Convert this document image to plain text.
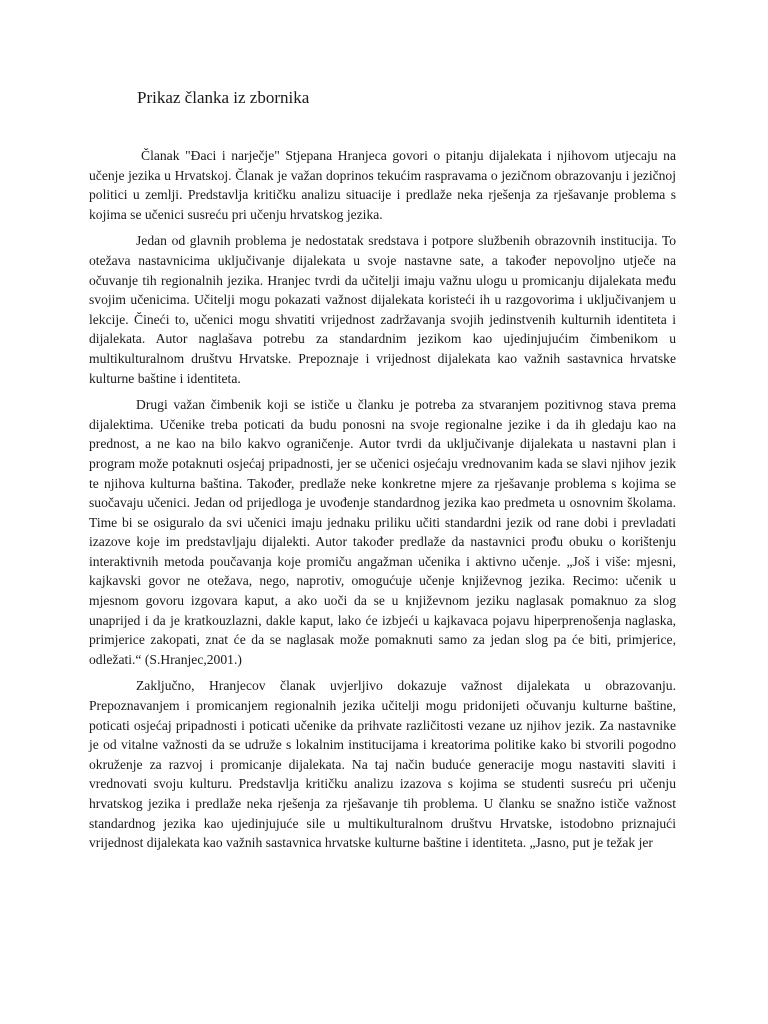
Prikaz članka iz zbornika

Članak "Đaci i narječje" Stjepana Hranjeca govori o pitanju dijalekata i njihovom utjecaju na učenje jezika u Hrvatskoj. Članak je važan doprinos tekućim raspravama o jezičnom obrazovanju i jezičnoj politici u zemlji. Predstavlja kritičku analizu situacije i predlaže neka rješenja za rješavanje problema s kojima se učenici susreću pri učenju hrvatskog jezika.

Jedan od glavnih problema je nedostatak sredstava i potpore službenih obrazovnih institucija. To otežava nastavnicima uključivanje dijalekata u svoje nastavne sate, a također nepovoljno utječe na očuvanje tih regionalnih jezika. Hranjec tvrdi da učitelji imaju važnu ulogu u promicanju dijalekata među svojim učenicima. Učitelji mogu pokazati važnost dijalekata koristeći ih u razgovorima i uključivanjem u lekcije. Čineći to, učenici mogu shvatiti vrijednost zadržavanja svojih jedinstvenih kulturnih identiteta i dijalekata. Autor naglašava potrebu za standardnim jezikom kao ujedinjujućim čimbenikom u multikulturalnom društvu Hrvatske. Prepoznaje i vrijednost dijalekata kao važnih sastavnica hrvatske kulturne baštine i identiteta.

Drugi važan čimbenik koji se ističe u članku je potreba za stvaranjem pozitivnog stava prema dijalektima. Učenike treba poticati da budu ponosni na svoje regionalne jezike i da ih gledaju kao na prednost, a ne kao na bilo kakvo ograničenje. Autor tvrdi da uključivanje dijalekata u nastavni plan i program može potaknuti osjećaj pripadnosti, jer se učenici osjećaju vrednovanim kada se slavi njihov jezik te njihova kulturna baština. Također, predlaže neke konkretne mjere za rješavanje problema s kojima se suočavaju učenici. Jedan od prijedloga je uvođenje standardnog jezika kao predmeta u osnovnim školama. Time bi se osiguralo da svi učenici imaju jednaku priliku učiti standardni jezik od rane dobi i prevladati izazove koje im predstavljaju dijalekti. Autor također predlaže da nastavnici prođu obuku o korištenju interaktivnih metoda poučavanja koje promiču angažman učenika i aktivno učenje. „Još i više: mjesni, kajkavski govor ne otežava, nego, naprotiv, omogućuje učenje književnog jezika. Recimo: učenik u mjesnom govoru izgovara kaput, a ako uoči da se u književnom jeziku naglasak pomaknuo za slog unaprijed i da je kratkouzlazni, dakle kaput, lako će izbjeći u kajkavaca pojavu hiperprenošenja naglaska, primjerice zakopati, znat će da se naglasak može pomaknuti samo za jedan slog pa će biti, primjerice, odležati.“ (S.Hranjec,2001.)

Zaključno, Hranjecov članak uvjerljivo dokazuje važnost dijalekata u obrazovanju. Prepoznavanjem i promicanjem regionalnih jezika učitelji mogu pridonijeti očuvanju kulturne baštine, poticati osjećaj pripadnosti i poticati učenike da prihvate različitosti vezane uz njihov jezik. Za nastavnike je od vitalne važnosti da se udruže s lokalnim institucijama i kreatorima politike kako bi stvorili pogodno okruženje za razvoj i promicanje dijalekata. Na taj način buduće generacije mogu nastaviti slaviti i vrednovati svoju kulturu. Predstavlja kritičku analizu izazova s kojima se studenti susreću pri učenju hrvatskog jezika i predlaže neka rješenja za rješavanje tih problema. U članku se snažno ističe važnost standardnog jezika kao ujedinjujuće sile u multikulturalnom društvu Hrvatske, istodobno priznajući vrijednost dijalekata kao važnih sastavnica hrvatske kulturne baštine i identiteta. „Jasno, put je težak jer
